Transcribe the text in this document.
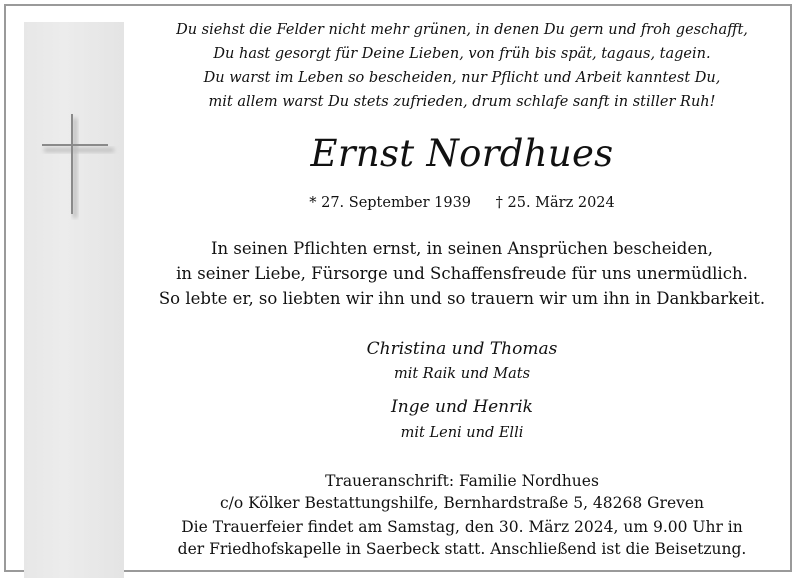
Du siehst die Felder nicht mehr grünen, in denen Du gern und froh geschafft,
Du hast gesorgt für Deine Lieben, von früh bis spät, tagaus, tagein.
Du warst im Leben so bescheiden, nur Pflicht und Arbeit kanntest Du,
mit allem warst Du stets zufrieden, drum schlafe sanft in stiller Ruh!
Ernst Nordhues
* 27. September 1939 † 25. März 2024
In seinen Pflichten ernst, in seinen Ansprüchen bescheiden,
in seiner Liebe, Fürsorge und Schaffensfreude für uns unermüdlich.
So lebte er, so liebten wir ihn und so trauern wir um ihn in Dankbarkeit.
Christina und Thomas
mit Raik und Mats
Inge und Henrik
mit Leni und Elli
Traueranschrift: Familie Nordhues
c/o Kölker Bestattungshilfe, Bernhardstraße 5, 48268 Greven
Die Trauerfeier findet am Samstag, den 30. März 2024, um 9.00 Uhr in
der Friedhofskapelle in Saerbeck statt. Anschließend ist die Beisetzung.
